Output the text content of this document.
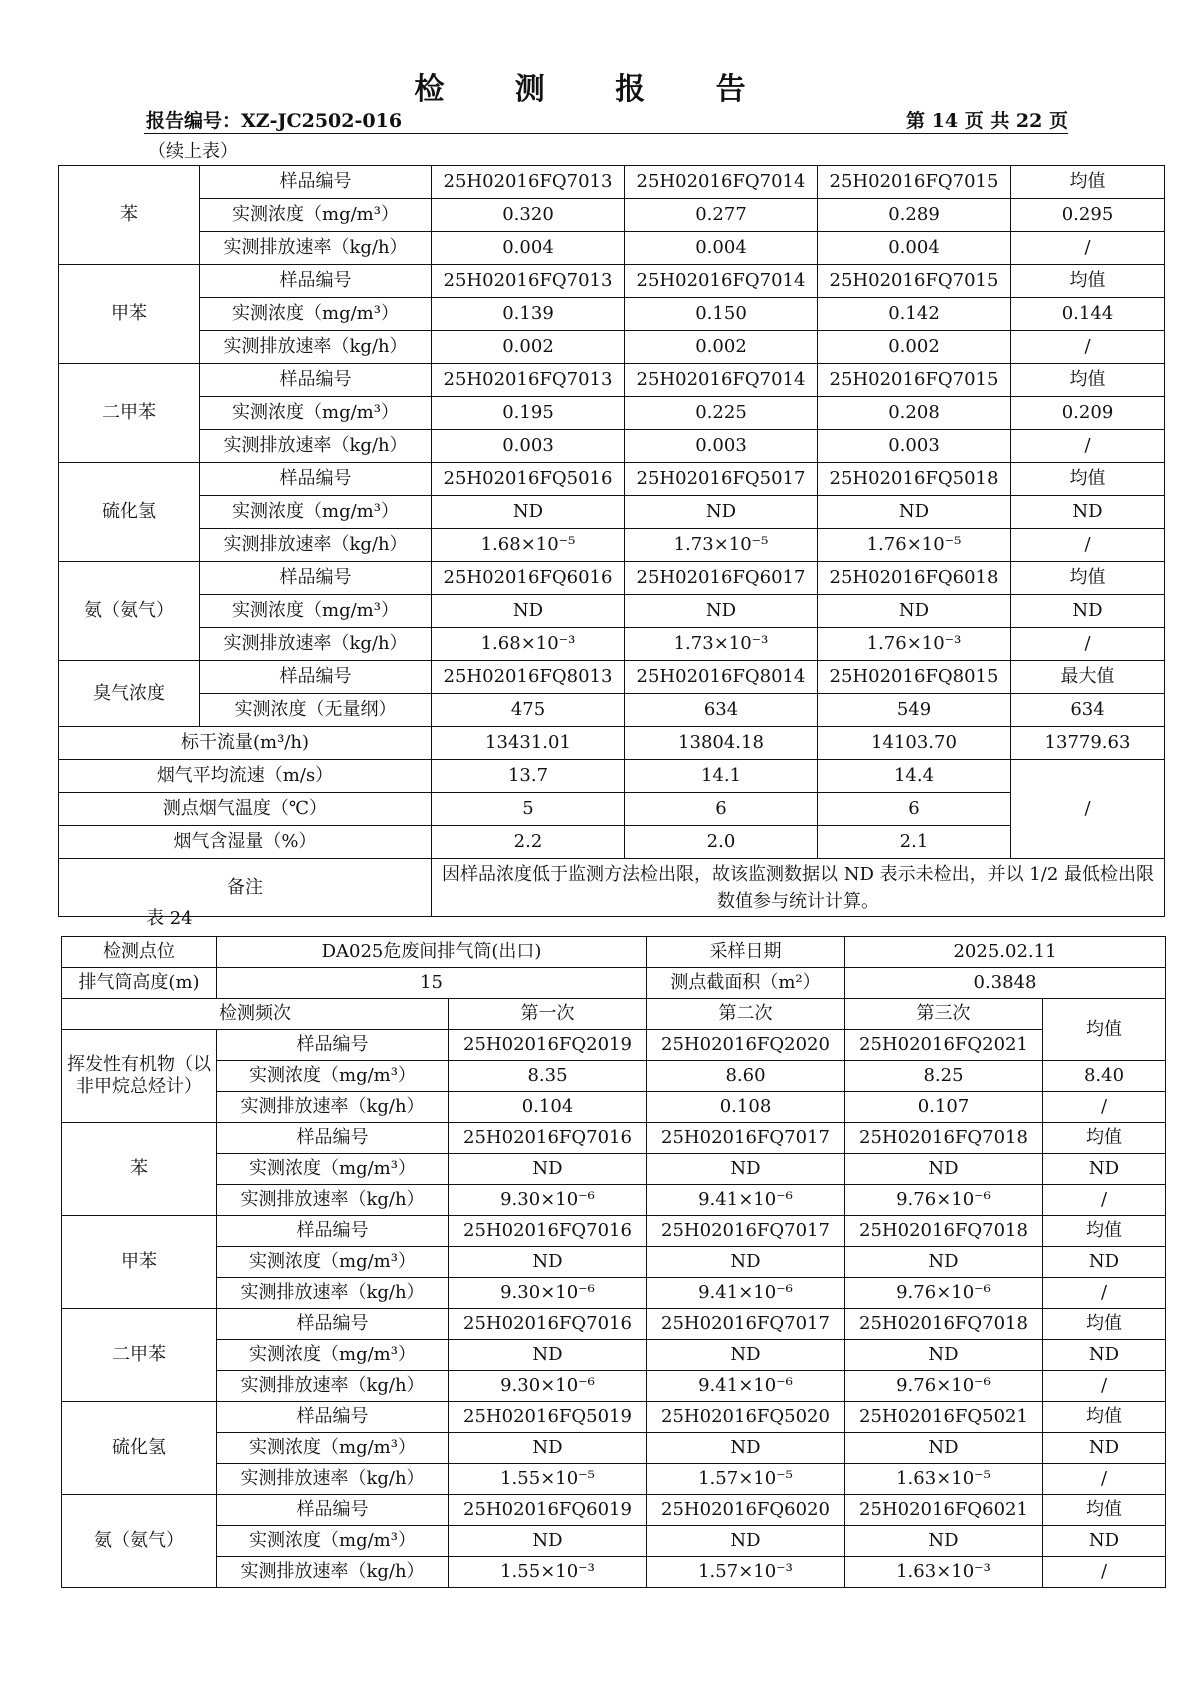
检 测 报 告
报告编号：XZ-JC2502-016	第 14 页 共 22 页
（续上表）
苯	样品编号	25H02016FQ7013	25H02016FQ7014	25H02016FQ7015	均值
	实测浓度（mg/m³）	0.320	0.277	0.289	0.295
	实测排放速率（kg/h）	0.004	0.004	0.004	/
甲苯	样品编号	25H02016FQ7013	25H02016FQ7014	25H02016FQ7015	均值
	实测浓度（mg/m³）	0.139	0.150	0.142	0.144
	实测排放速率（kg/h）	0.002	0.002	0.002	/
二甲苯	样品编号	25H02016FQ7013	25H02016FQ7014	25H02016FQ7015	均值
	实测浓度（mg/m³）	0.195	0.225	0.208	0.209
	实测排放速率（kg/h）	0.003	0.003	0.003	/
硫化氢	样品编号	25H02016FQ5016	25H02016FQ5017	25H02016FQ5018	均值
	实测浓度（mg/m³）	ND	ND	ND	ND
	实测排放速率（kg/h）	1.68×10⁻⁵	1.73×10⁻⁵	1.76×10⁻⁵	/
氨（氨气）	样品编号	25H02016FQ6016	25H02016FQ6017	25H02016FQ6018	均值
	实测浓度（mg/m³）	ND	ND	ND	ND
	实测排放速率（kg/h）	1.68×10⁻³	1.73×10⁻³	1.76×10⁻³	/
臭气浓度	样品编号	25H02016FQ8013	25H02016FQ8014	25H02016FQ8015	最大值
	实测浓度（无量纲）	475	634	549	634
标干流量(m³/h)		13431.01	13804.18	14103.70	13779.63
烟气平均流速（m/s）		13.7	14.1	14.4	/
测点烟气温度（℃）		5	6	6	
烟气含湿量（%）		2.2	2.0	2.1	
备注		因样品浓度低于监测方法检出限，故该监测数据以 ND 表示未检出，并以 1/2 最低检出限数值参与统计计算。			
表 24
检测点位	DA025危废间排气筒(出口)		采样日期	2025.02.11	
排气筒高度(m)	15		测点截面积（m²）	0.3848	
检测频次		第一次	第二次	第三次	均值
挥发性有机物（以非甲烷总烃计）	样品编号	25H02016FQ2019	25H02016FQ2020	25H02016FQ2021	
	实测浓度（mg/m³）	8.35	8.60	8.25	8.40
	实测排放速率（kg/h）	0.104	0.108	0.107	/
苯	样品编号	25H02016FQ7016	25H02016FQ7017	25H02016FQ7018	均值
	实测浓度（mg/m³）	ND	ND	ND	ND
	实测排放速率（kg/h）	9.30×10⁻⁶	9.41×10⁻⁶	9.76×10⁻⁶	/
甲苯	样品编号	25H02016FQ7016	25H02016FQ7017	25H02016FQ7018	均值
	实测浓度（mg/m³）	ND	ND	ND	ND
	实测排放速率（kg/h）	9.30×10⁻⁶	9.41×10⁻⁶	9.76×10⁻⁶	/
二甲苯	样品编号	25H02016FQ7016	25H02016FQ7017	25H02016FQ7018	均值
	实测浓度（mg/m³）	ND	ND	ND	ND
	实测排放速率（kg/h）	9.30×10⁻⁶	9.41×10⁻⁶	9.76×10⁻⁶	/
硫化氢	样品编号	25H02016FQ5019	25H02016FQ5020	25H02016FQ5021	均值
	实测浓度（mg/m³）	ND	ND	ND	ND
	实测排放速率（kg/h）	1.55×10⁻⁵	1.57×10⁻⁵	1.63×10⁻⁵	/
氨（氨气）	样品编号	25H02016FQ6019	25H02016FQ6020	25H02016FQ6021	均值
	实测浓度（mg/m³）	ND	ND	ND	ND
	实测排放速率（kg/h）	1.55×10⁻³	1.57×10⁻³	1.63×10⁻³	/
